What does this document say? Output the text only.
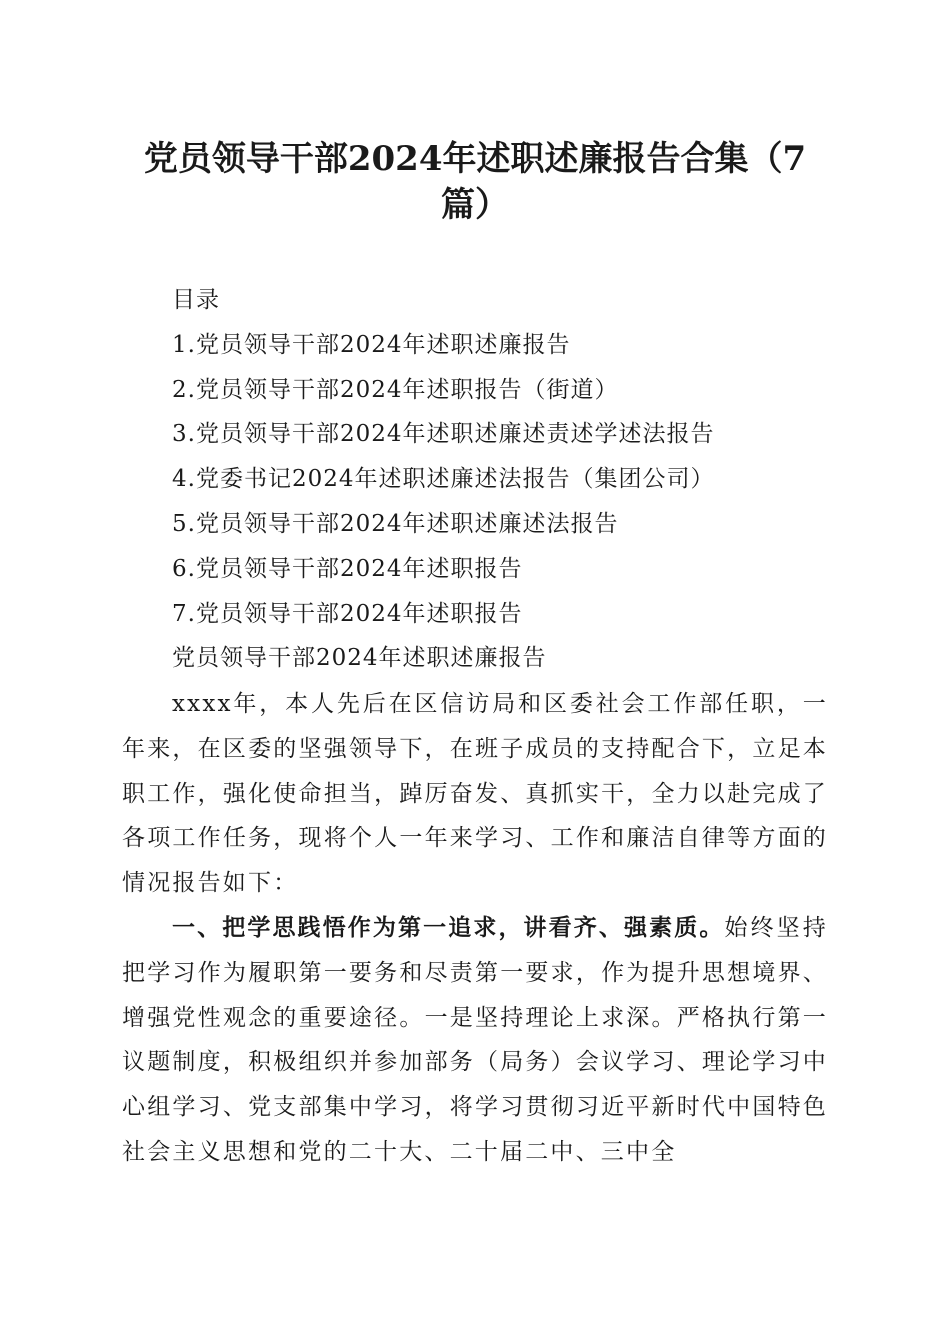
党员领导干部2024年述职述廉报告合集（7
篇）
目录
1.党员领导干部2024年述职述廉报告
2.党员领导干部2024年述职报告（街道）
3.党员领导干部2024年述职述廉述责述学述法报告
4.党委书记2024年述职述廉述法报告（集团公司）
5.党员领导干部2024年述职述廉述法报告
6.党员领导干部2024年述职报告
7.党员领导干部2024年述职报告
党员领导干部2024年述职述廉报告

xxxx年，本人先后在区信访局和区委社会工作部任职，一年来，在区委的坚强领导下，在班子成员的支持配合下，立足本职工作，强化使命担当，踔厉奋发、真抓实干，全力以赴完成了各项工作任务，现将个人一年来学习、工作和廉洁自律等方面的情况报告如下：

一、把学思践悟作为第一追求，讲看齐、强素质。始终坚持把学习作为履职第一要务和尽责第一要求，作为提升思想境界、增强党性观念的重要途径。一是坚持理论上求深。严格执行第一议题制度，积极组织并参加部务（局务）会议学习、理论学习中心组学习、党支部集中学习，将学习贯彻习近平新时代中国特色社会主义思想和党的二十大、二十届二中、三中全
